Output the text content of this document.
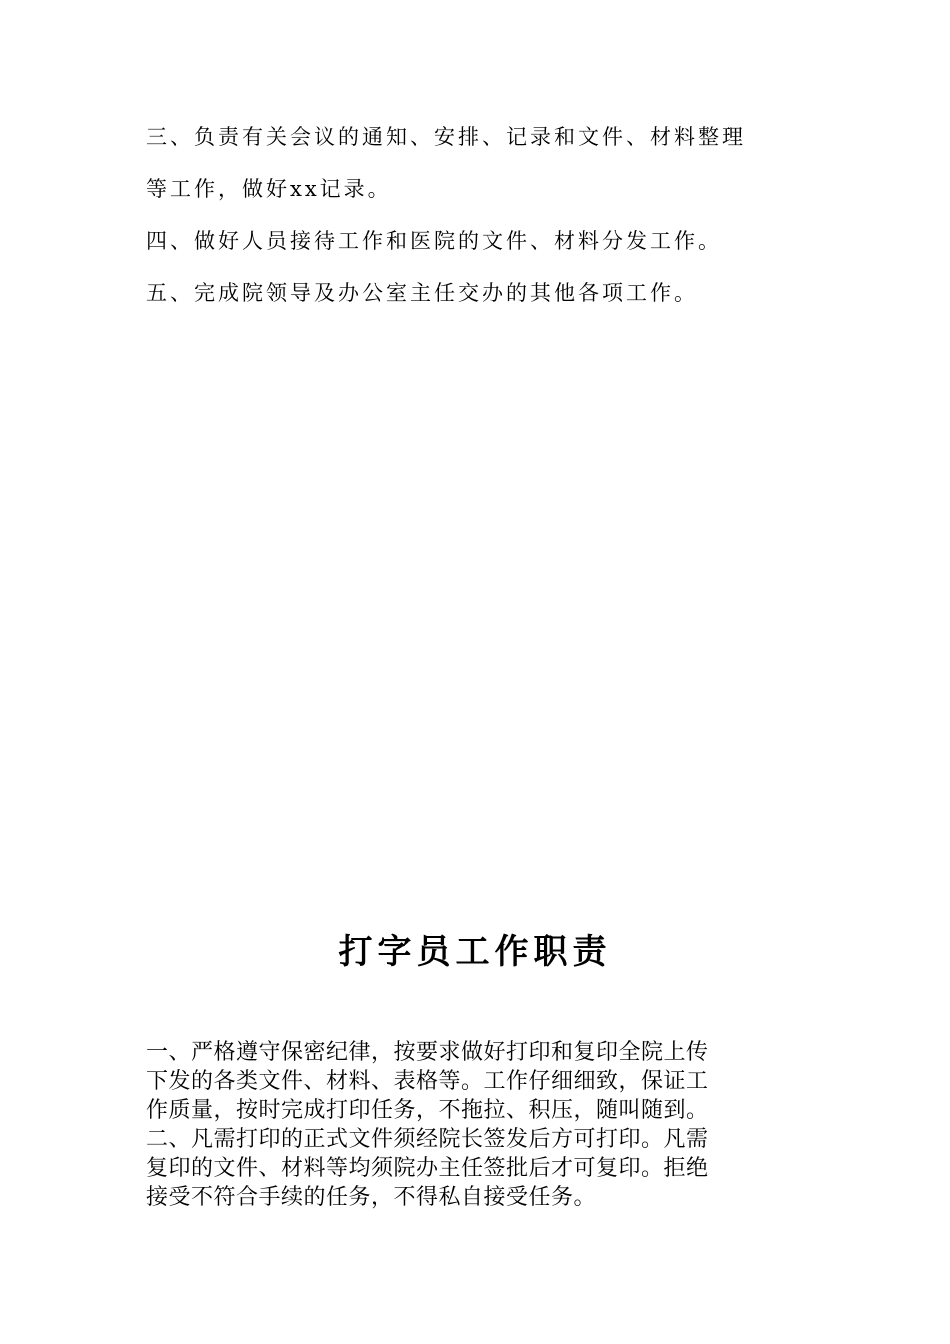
三、负责有关会议的通知、安排、记录和文件、材料整理
等工作，做好xx记录。
四、做好人员接待工作和医院的文件、材料分发工作。
五、完成院领导及办公室主任交办的其他各项工作。
打字员工作职责
一、严格遵守保密纪律，按要求做好打印和复印全院上传
下发的各类文件、材料、表格等。工作仔细细致，保证工
作质量，按时完成打印任务，不拖拉、积压，随叫随到。
二、凡需打印的正式文件须经院长签发后方可打印。凡需
复印的文件、材料等均须院办主任签批后才可复印。拒绝
接受不符合手续的任务，不得私自接受任务。
